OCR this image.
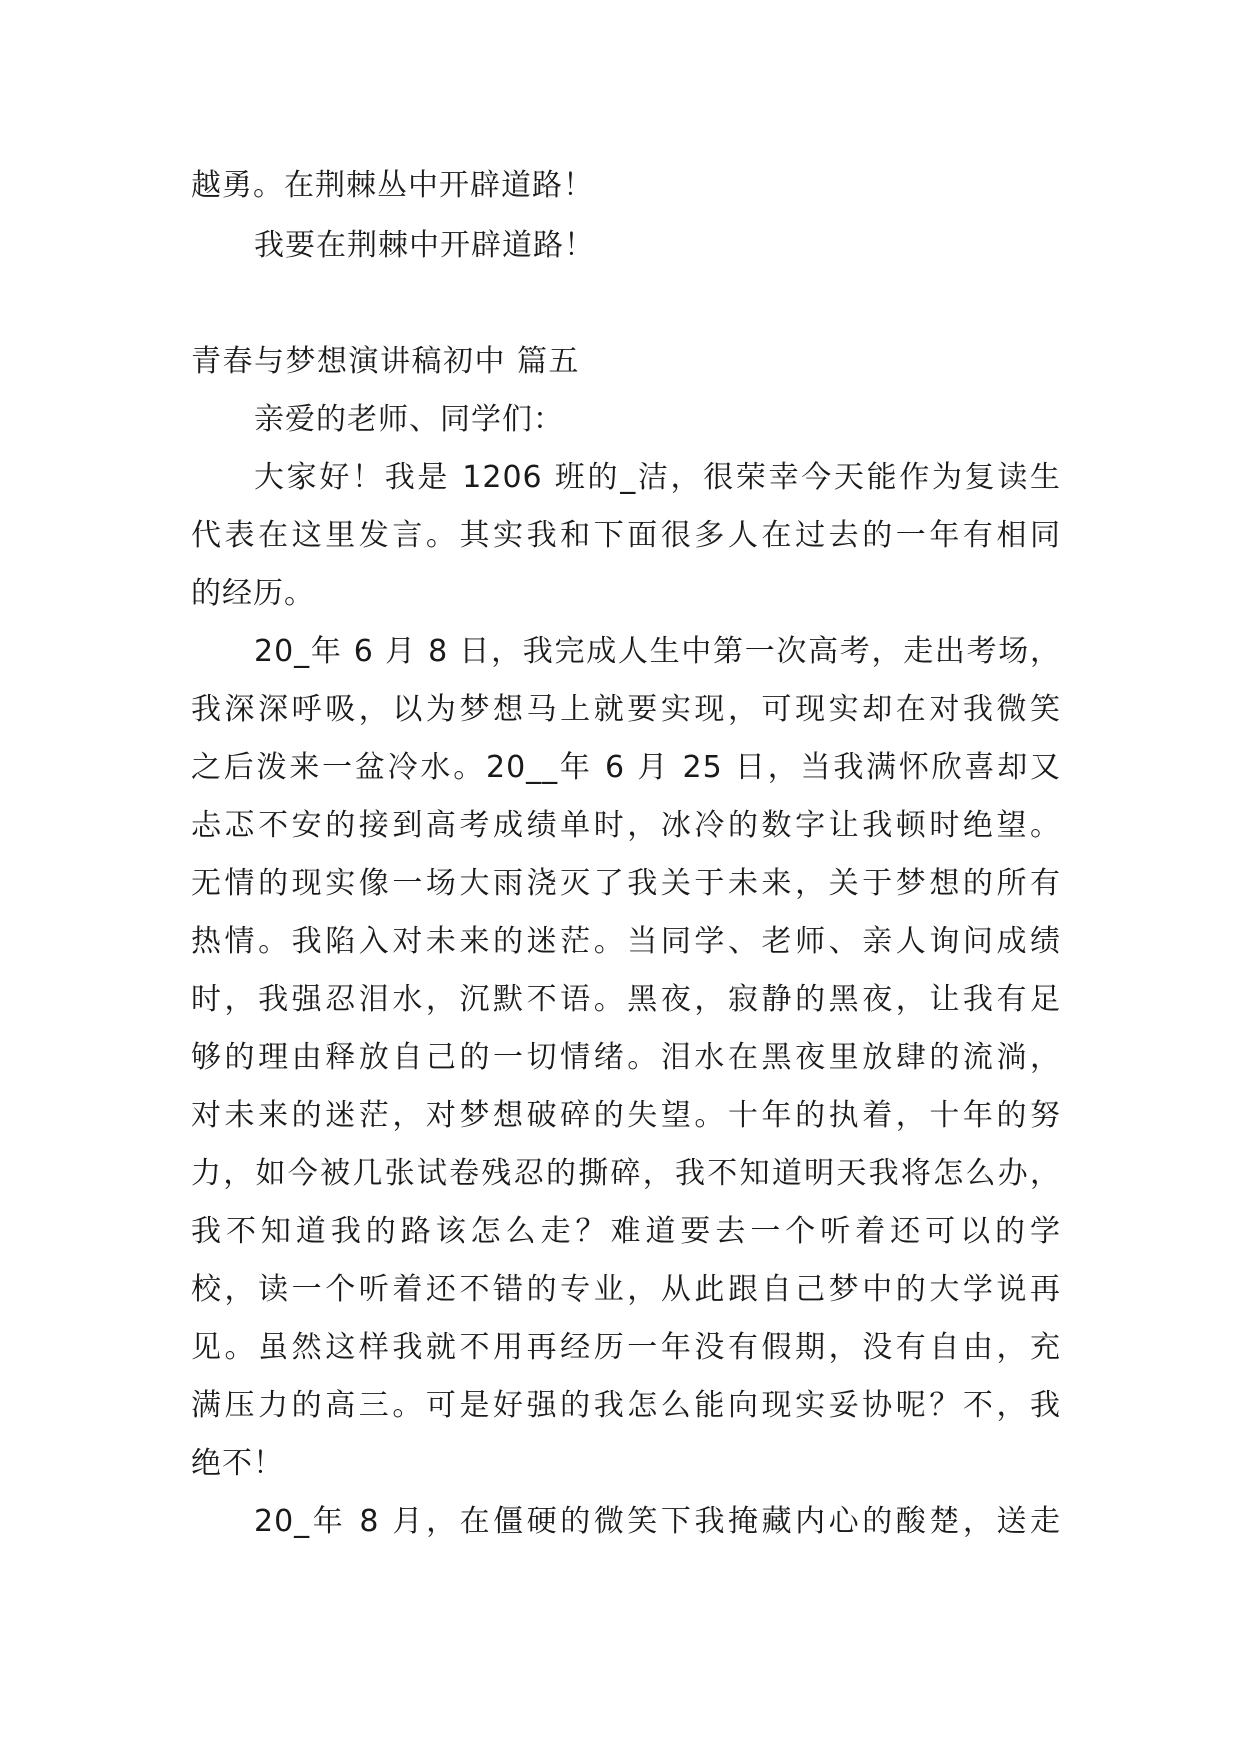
越勇。在荆棘丛中开辟道路！
我要在荆棘中开辟道路！
青春与梦想演讲稿初中 篇五
亲爱的老师、同学们：
大家好！我是 1206 班的_洁，很荣幸今天能作为复读生
代表在这里发言。其实我和下面很多人在过去的一年有相同
的经历。
20_年 6 月 8 日，我完成人生中第一次高考，走出考场，
我深深呼吸，以为梦想马上就要实现，可现实却在对我微笑
之后泼来一盆冷水。20__年 6 月 25 日，当我满怀欣喜却又
忐忑不安的接到高考成绩单时，冰冷的数字让我顿时绝望。
无情的现实像一场大雨浇灭了我关于未来，关于梦想的所有
热情。我陷入对未来的迷茫。当同学、老师、亲人询问成绩
时，我强忍泪水，沉默不语。黑夜，寂静的黑夜，让我有足
够的理由释放自己的一切情绪。泪水在黑夜里放肆的流淌，
对未来的迷茫，对梦想破碎的失望。十年的执着，十年的努
力，如今被几张试卷残忍的撕碎，我不知道明天我将怎么办，
我不知道我的路该怎么走？难道要去一个听着还可以的学
校，读一个听着还不错的专业，从此跟自己梦中的大学说再
见。虽然这样我就不用再经历一年没有假期，没有自由，充
满压力的高三。可是好强的我怎么能向现实妥协呢？不，我
绝不！
20_年 8 月，在僵硬的微笑下我掩藏内心的酸楚，送走
